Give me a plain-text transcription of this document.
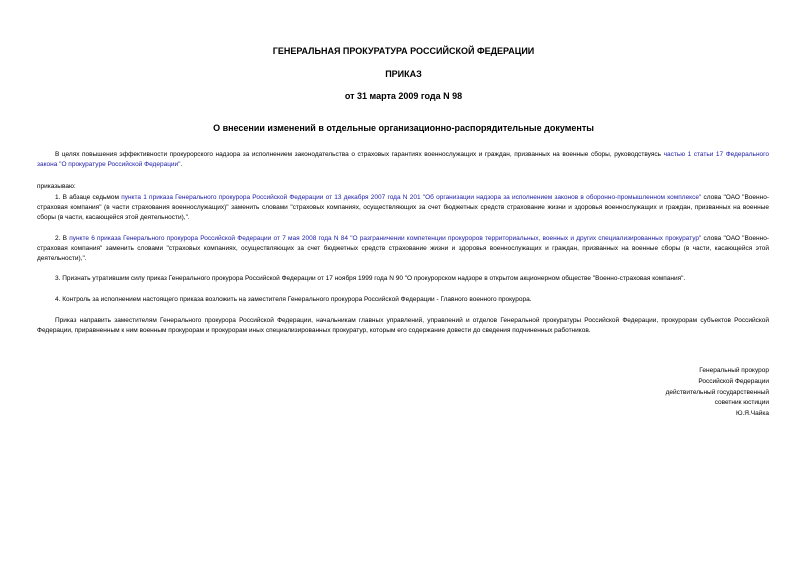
ГЕНЕРАЛЬНАЯ ПРОКУРАТУРА РОССИЙСКОЙ ФЕДЕРАЦИИ
ПРИКАЗ
от 31 марта 2009 года N 98
О внесении изменений в отдельные организационно-распорядительные документы
В целях повышения эффективности прокурорского надзора за исполнением законодательства о страховых гарантиях военнослужащих и граждан, призванных на военные сборы, руководствуясь частью 1 статьи 17 Федерального закона "О прокуратуре Российской Федерации".
приказываю:
1. В абзаце седьмом пункта 1 приказа Генерального прокурора Российской Федерации от 13 декабря 2007 года N 201 "Об организации надзора за исполнением законов в оборонно-промышленном комплексе" слова "ОАО "Военно-страховая компания" (в части страхования военнослужащих)" заменить словами "страховых компаниях, осуществляющих за счет бюджетных средств страхование жизни и здоровья военнослужащих и граждан, призванных на военные сборы (в части, касающейся этой деятельности),".
2. В пункте 6 приказа Генерального прокурора Российской Федерации от 7 мая 2008 года N 84 "О разграничении компетенции прокуроров территориальных, военных и других специализированных прокуратур" слова "ОАО "Военно-страховая компания" заменить словами "страховых компаниях, осуществляющих за счет бюджетных средств страхование жизни и здоровья военнослужащих и граждан, призванных на военные сборы (в части, касающейся этой деятельности),".
3. Признать утратившим силу приказ Генерального прокурора Российской Федерации от 17 ноября 1999 года N 90 "О прокурорском надзоре в открытом акционерном обществе "Военно-страховая компания".
4. Контроль за исполнением настоящего приказа возложить на заместителя Генерального прокурора Российской Федерации - Главного военного прокурора.
Приказ направить заместителям Генерального прокурора Российской Федерации, начальникам главных управлений, управлений и отделов Генеральной прокуратуры Российской Федерации, прокурорам субъектов Российской Федерации, приравненным к ним военным прокурорам и прокурорам иных специализированных прокуратур, которым его содержание довести до сведения подчиненных работников.
Генеральный прокурор
Российской Федерации
действительный государственный
советник юстиции
Ю.Я.Чайка
